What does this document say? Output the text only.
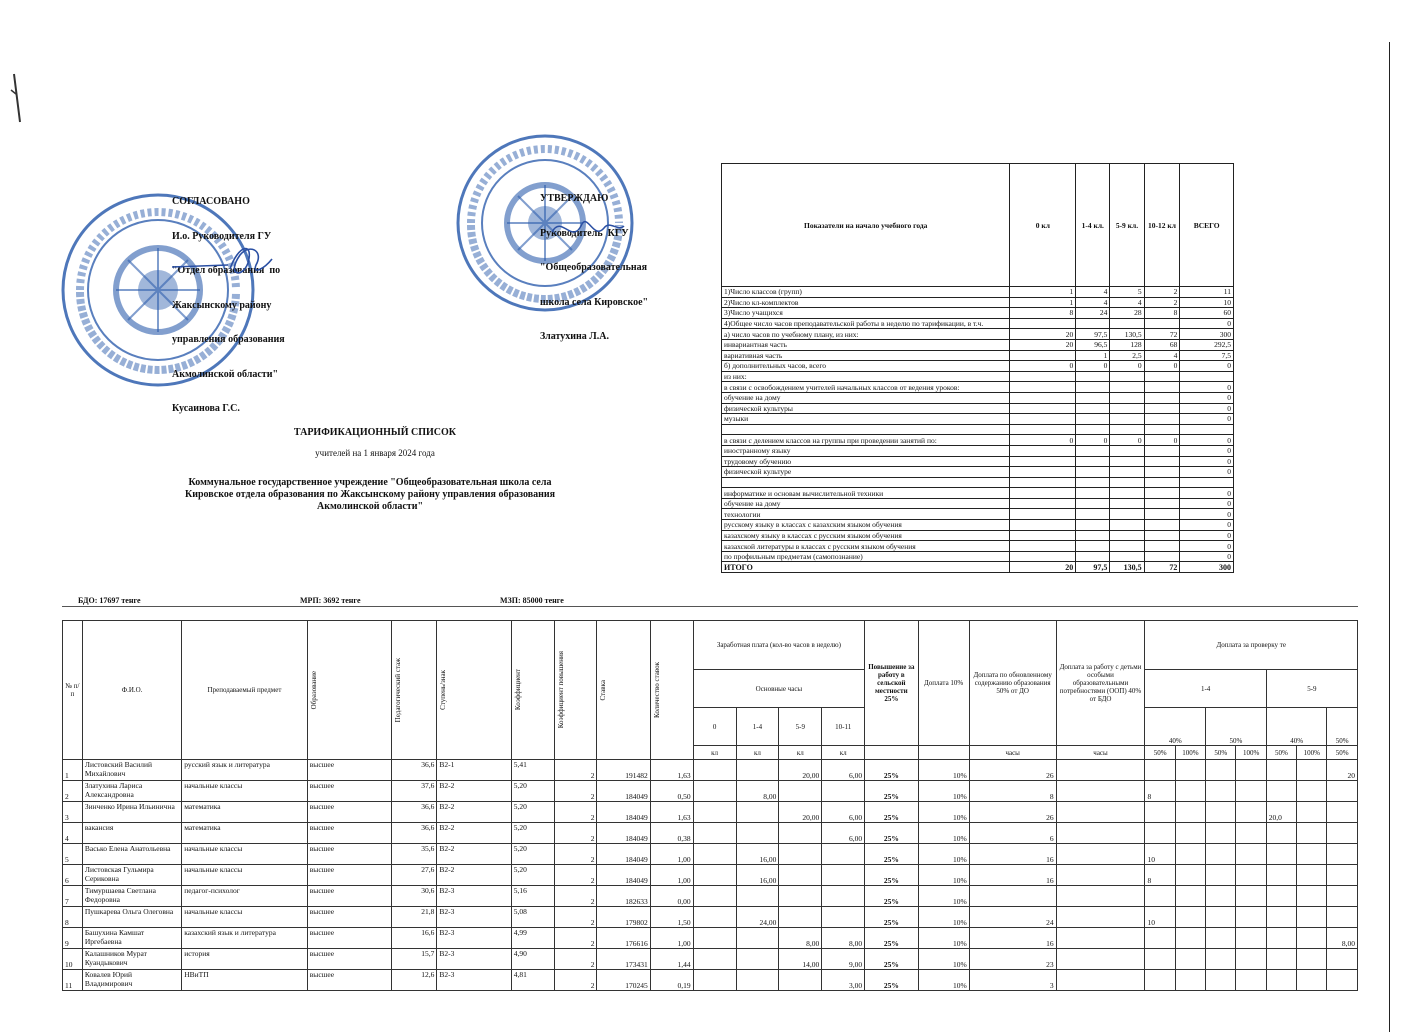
СОГЛАСОВАНО

И.о. Руководителя ГУ

"Отдел образования  по

Жаксынскому району

управления образования

Акмолинской области"

Кусаинова Г.С.

УТВЕРЖДАЮ

Руководитель  КГУ

"Общеобразовательная

школа села Кировское"

Златухина Л.А.

ТАРИФИКАЦИОННЫЙ СПИСОК
учителей на 1 января 2024 года
Коммунальное государственное учреждение "Общеобразовательная школа села
Кировское отдела образования по Жаксынскому району управления образования
Акмолинской области"
БДО: 17697 тенге	МРП: 3692 тенге	МЗП: 85000 тенге
Показатели на начало учебного года	0 кл	1-4 кл.	5-9 кл.	10-12 кл	ВСЕГО
1)Число классов (групп)	1	4	5	2	11
2)Число кл-комплектов	1	4	4	2	10
3)Число учащихся	8	24	28	8	60
4)Общее число часов преподавательской работы в неделю по тарификации, в т.ч.					0
а) число часов по учебному плану, из них:	20	97,5	130,5	72	300
инвариантная часть	20	96,5	128	68	292,5
вариативная часть		1	2,5	4	7,5
б) дополнительных часов, всего	0	0	0	0	0
из них:					
в связи с освобождением учителей начальных классов от ведения уроков:					0
обучение на дому					0
физической культуры					0
музыки					0

в связи с делением классов на группы при проведении занятий по:	0	0	0	0	0
иностранному языку					0
трудовому обучению					0
физической культуре					0

информатике и основам вычислительной техники					0
обучение на дому					0
технологии					0
русскому языку в классах с казахским языком обучения					0
казахскому языку в классах с русским языком обучения					0
казахской литературы в классах с русским языком обучения					0
по профильным предметам (самопознание)					0
ИТОГО	20	97,5	130,5	72	300
№ п/п	Ф.И.О.	Преподаваемый предмет	Образование	Педагогический стаж	Ступень/знак	Коэффициент	Коэффициент повышения	Ставка	Количество ставок	Заработная плата (кол-во часов в неделю)				Повышение за работу в сельской местности 25%	Доплата 10%	Доплата по обновленному содержанию образования 50% от ДО	Доплата за работу с детьми особыми образовательными потребностями (ООП) 40% от БДО	Доплата за проверку те						
										Основные часы								1-4				5-9		
										0	1-4	5-9	10-11					40%		50%		40%		50%
										кл	кл	кл	кл			часы	часы	50%	100%	50%	100%	50%	100%	50%
1	Листовский Василий Михайлович	русский язык и литература	высшее	36,6	В2-1	5,41	2	191482	1,63			20,00	6,00	25%	10%	26								20
2	Златухина Лариса Александровна	начальные классы	высшее	37,6	В2-2	5,20	2	184049	0,50		8,00			25%	10%	8		8						
3	Зинченко Ирина Ильинична	математика	высшее	36,6	В2-2	5,20	2	184049	1,63			20,00	6,00	25%	10%	26						20,0		
4	вакансия	математика	высшее	36,6	В2-2	5,20	2	184049	0,38				6,00	25%	10%	6								
5	Васько Елена Анатольевна	начальные классы	высшее	35,6	В2-2	5,20	2	184049	1,00		16,00			25%	10%	16		10						
6	Листовская Гульмира Сериковна	начальные классы	высшее	27,6	В2-2	5,20	2	184049	1,00		16,00			25%	10%	16		8						
7	Тимуршаева Светлана Федоровна	педагог-психолог	высшее	30,6	В2-3	5,16	2	182633	0,00					25%	10%									
8	Пушкарева Ольга Олеговна	начальные классы	высшее	21,8	В2-3	5,08	2	179802	1,50		24,00			25%	10%	24		10						
9	Башухина Камшат Иргебаевна	казахский язык и литература	высшее	16,6	В2-3	4,99	2	176616	1,00			8,00	8,00	25%	10%	16								8,00
10	Калашников Мурат Куандыкович	история	высшее	15,7	В2-3	4,90	2	173431	1,44			14,00	9,00	25%	10%	23								
11	Ковалев Юрий Владимирович	НВиТП	высшее	12,6	В2-3	4,81	2	170245	0,19				3,00	25%	10%	3								
